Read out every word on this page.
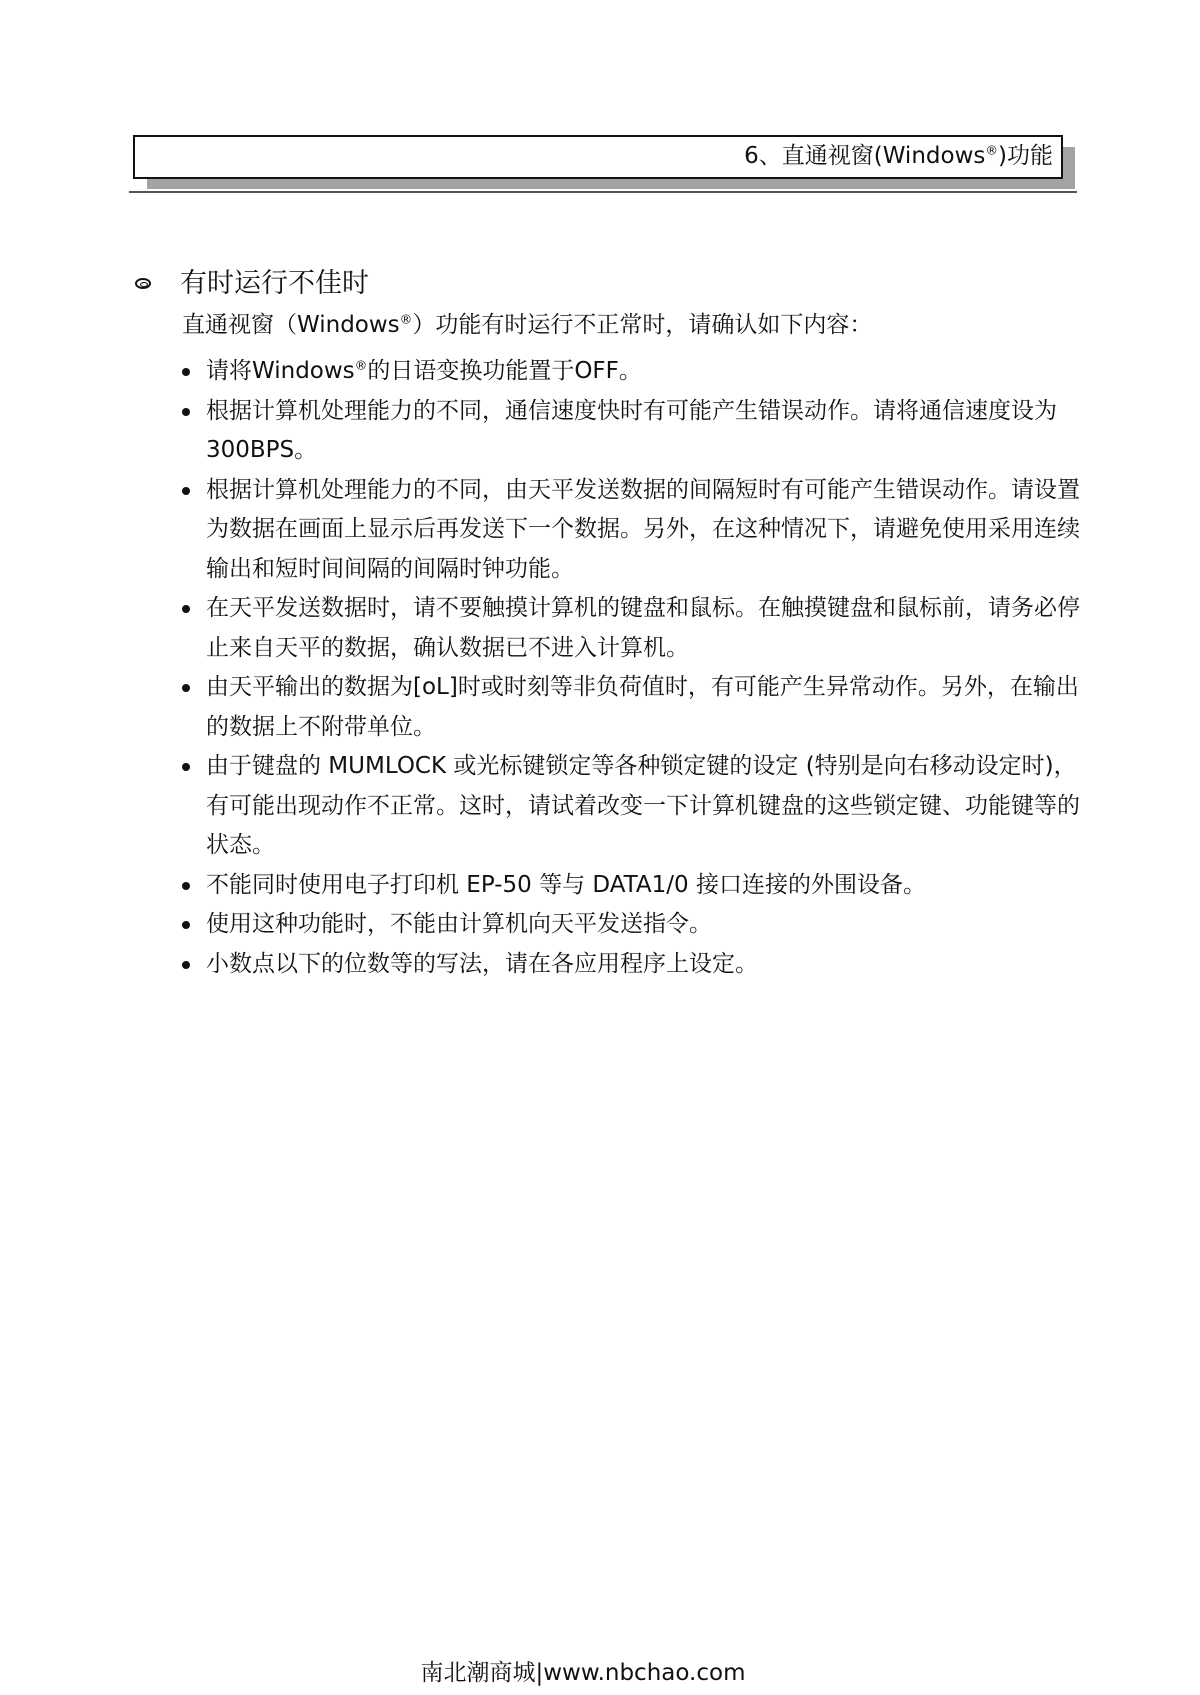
6、直通视窗(Windows®)功能
有时运行不佳时
直通视窗（Windows®）功能有时运行不正常时，请确认如下内容：
请将Windows®的日语变换功能置于OFF。
根据计算机处理能力的不同，通信速度快时有可能产生错误动作。请将通信速度设为 300BPS。
根据计算机处理能力的不同，由天平发送数据的间隔短时有可能产生错误动作。请设置为数据在画面上显示后再发送下一个数据。另外，在这种情况下，请避免使用采用连续输出和短时间间隔的间隔时钟功能。
在天平发送数据时，请不要触摸计算机的键盘和鼠标。在触摸键盘和鼠标前，请务必停止来自天平的数据，确认数据已不进入计算机。
由天平输出的数据为[oL]时或时刻等非负荷值时，有可能产生异常动作。另外，在输出的数据上不附带单位。
由于键盘的 MUMLOCK 或光标键锁定等各种锁定键的设定 (特别是向右移动设定时)，有可能出现动作不正常。这时，请试着改变一下计算机键盘的这些锁定键、功能键等的状态。
不能同时使用电子打印机 EP-50 等与 DATA1/0 接口连接的外围设备。
使用这种功能时，不能由计算机向天平发送指令。
小数点以下的位数等的写法，请在各应用程序上设定。
南北潮商城|www.nbchao.com
